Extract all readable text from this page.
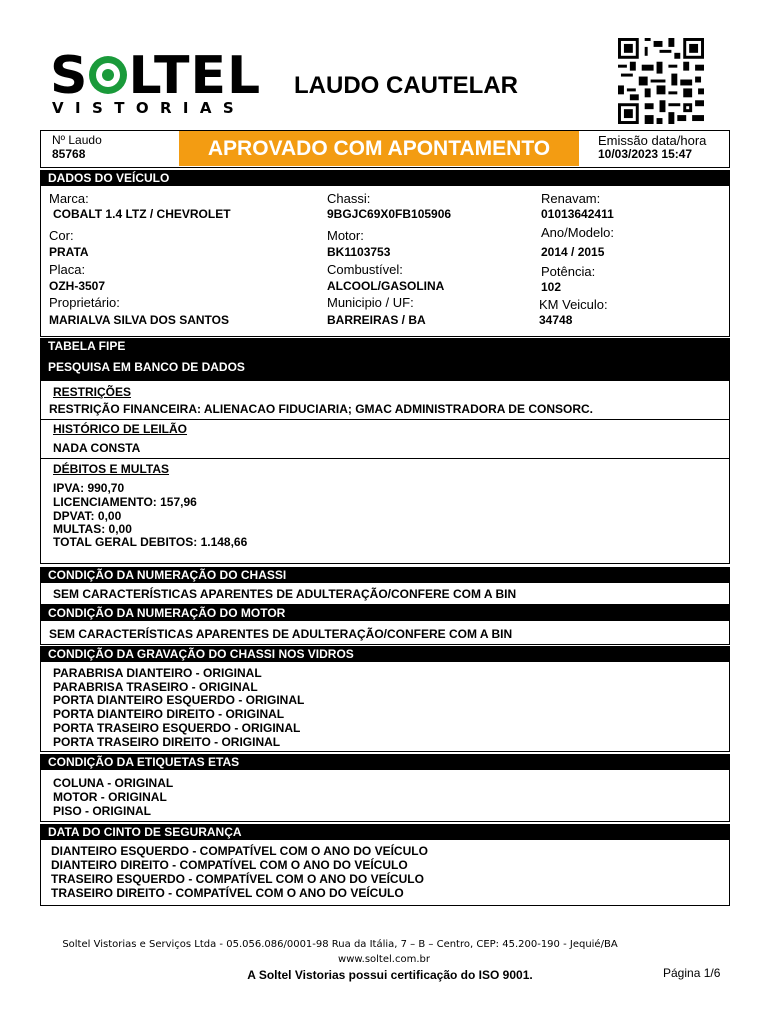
S LTEL
VISTORIAS
LAUDO CAUTELAR
Nº Laudo
85768	APROVADO COM APONTAMENTO	Emissão data/hora
10/03/2023 15:47
DADOS DO VEÍCULO
Marca:
COBALT 1.4 LTZ / CHEVROLET
Chassi:
9BGJC69X0FB105906
Renavam:
01013642411
Cor:
PRATA
Motor:
BK1103753
Ano/Modelo:
2014 / 2015
Placa:
OZH-3507
Combustível:
ALCOOL/GASOLINA
Potência:
102
Proprietário:
MARIALVA SILVA DOS SANTOS
Municipio / UF:
BARREIRAS / BA
KM Veiculo:
34748
TABELA FIPE
PESQUISA EM BANCO DE DADOS
RESTRIÇÕES
RESTRIÇÃO FINANCEIRA: ALIENACAO FIDUCIARIA; GMAC ADMINISTRADORA DE CONSORC.
HISTÓRICO DE LEILÃO
NADA CONSTA
DÉBITOS E MULTAS
IPVA: 990,70
LICENCIAMENTO: 157,96
DPVAT: 0,00
MULTAS: 0,00
TOTAL GERAL DEBITOS: 1.148,66
CONDIÇÃO DA NUMERAÇÃO DO CHASSI
SEM CARACTERÍSTICAS APARENTES DE ADULTERAÇÃO/CONFERE COM A BIN
CONDIÇÃO DA NUMERAÇÃO DO MOTOR
SEM CARACTERÍSTICAS APARENTES DE ADULTERAÇÃO/CONFERE COM A BIN
CONDIÇÃO DA GRAVAÇÃO DO CHASSI NOS VIDROS
PARABRISA DIANTEIRO - ORIGINAL
PARABRISA TRASEIRO - ORIGINAL
PORTA DIANTEIRO ESQUERDO - ORIGINAL
PORTA DIANTEIRO DIREITO - ORIGINAL
PORTA TRASEIRO ESQUERDO - ORIGINAL
PORTA TRASEIRO DIREITO - ORIGINAL
CONDIÇÃO DA ETIQUETAS ETAS
COLUNA - ORIGINAL
MOTOR - ORIGINAL
PISO - ORIGINAL
DATA DO CINTO DE SEGURANÇA
DIANTEIRO ESQUERDO - COMPATÍVEL COM O ANO DO VEÍCULO
DIANTEIRO DIREITO - COMPATÍVEL COM O ANO DO VEÍCULO
TRASEIRO ESQUERDO - COMPATÍVEL COM O ANO DO VEÍCULO
TRASEIRO DIREITO - COMPATÍVEL COM O ANO DO VEÍCULO
Soltel Vistorias e Serviços Ltda - 05.056.086/0001-98 Rua da Itália, 7 – B – Centro, CEP: 45.200-190 - Jequié/BA
www.soltel.com.br
A Soltel Vistorias possui certificação do ISO 9001.	Página 1/6
